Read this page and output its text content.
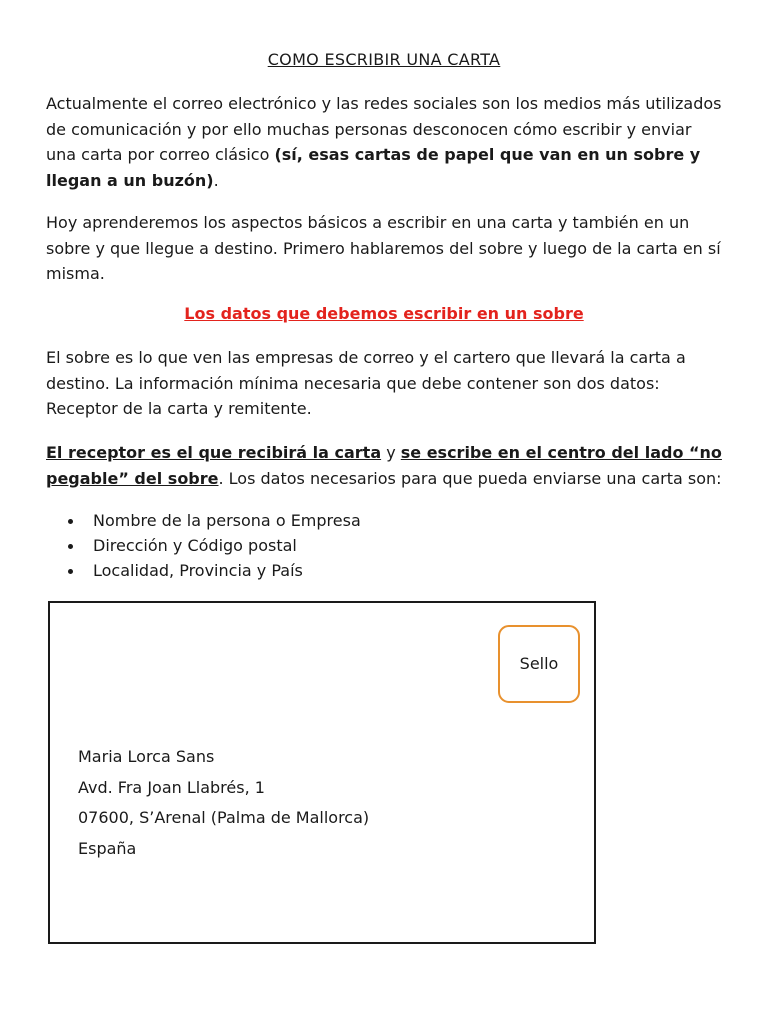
COMO ESCRIBIR UNA CARTA

Actualmente el correo electrónico y las redes sociales son los medios más utilizados de comunicación y por ello muchas personas desconocen cómo escribir y enviar una carta por correo clásico (sí, esas cartas de papel que van en un sobre y llegan a un buzón).

Hoy aprenderemos los aspectos básicos a escribir en una carta y también en un sobre y que llegue a destino. Primero hablaremos del sobre y luego de la carta en sí misma.

Los datos que debemos escribir en un sobre

El sobre es lo que ven las empresas de correo y el cartero que llevará la carta a destino. La información mínima necesaria que debe contener son dos datos: Receptor de la carta y remitente.

El receptor es el que recibirá la carta y se escribe en el centro del lado “no pegable” del sobre. Los datos necesarios para que pueda enviarse una carta son:

Nombre de la persona o Empresa
Dirección y Código postal
Localidad, Provincia y País
Sello
Maria Lorca Sans
Avd. Fra Joan Llabrés, 1
07600, S’Arenal (Palma de Mallorca)
España
